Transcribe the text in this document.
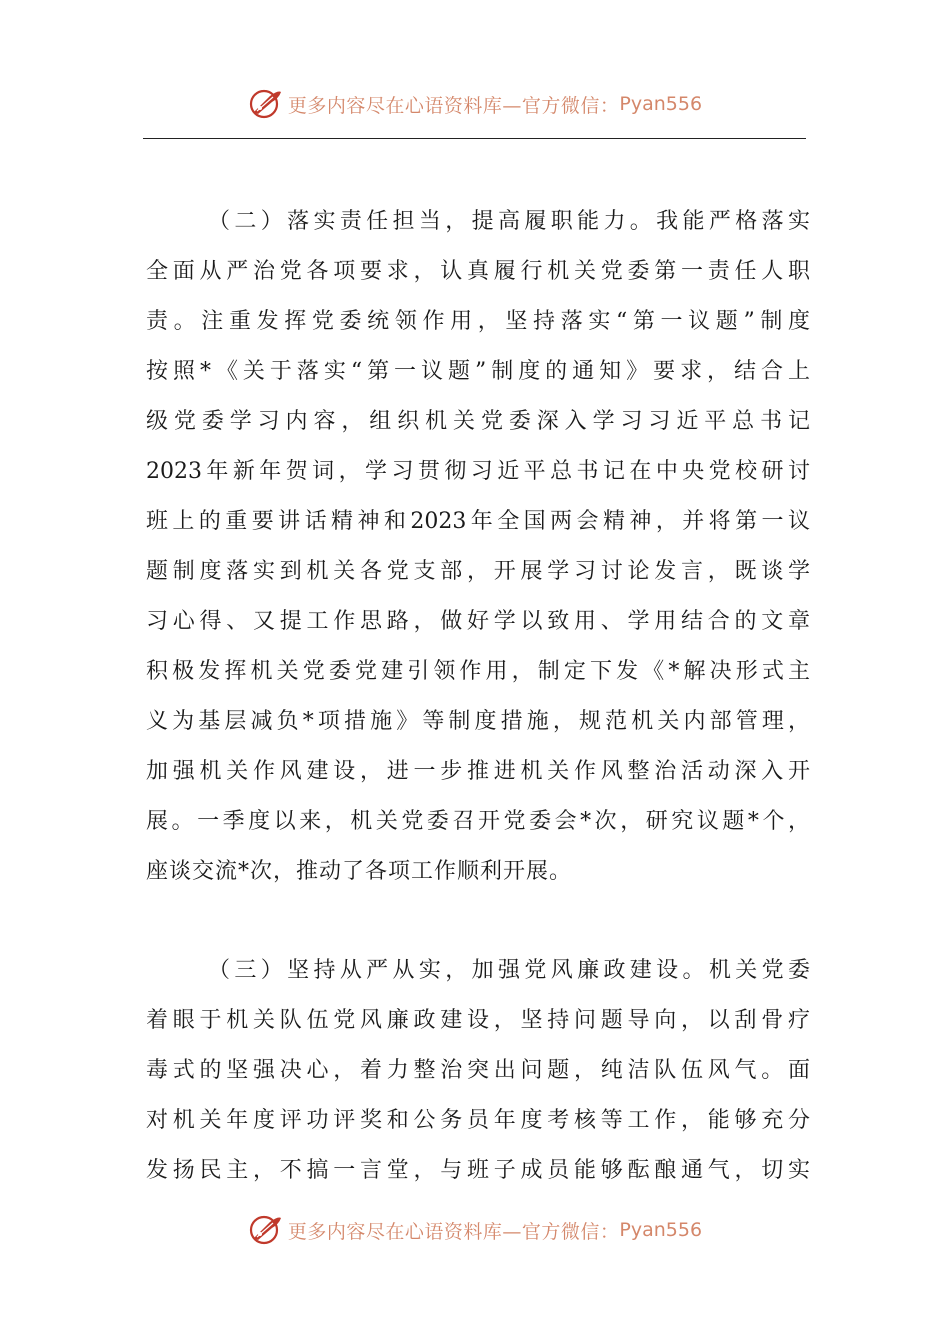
更多内容尽在心语资料库—官方微信： Pyan556
（二）落实责任担当，提高履职能力。我能严格落实
全面从严治党各项要求，认真履行机关党委第一责任人职
责。注重发挥党委统领作用，坚持落实“第一议题”制度
按照*《关于落实“第一议题”制度的通知》要求，结合上
级党委学习内容，组织机关党委深入学习习近平总书记
2023年新年贺词，学习贯彻习近平总书记在中央党校研讨
班上的重要讲话精神和2023年全国两会精神，并将第一议
题制度落实到机关各党支部，开展学习讨论发言，既谈学
习心得、又提工作思路，做好学以致用、学用结合的文章
积极发挥机关党委党建引领作用，制定下发《*解决形式主
义为基层减负*项措施》等制度措施，规范机关内部管理，
加强机关作风建设，进一步推进机关作风整治活动深入开
展。一季度以来，机关党委召开党委会*次，研究议题*个，
座谈交流*次，推动了各项工作顺利开展。
（三）坚持从严从实，加强党风廉政建设。机关党委
着眼于机关队伍党风廉政建设，坚持问题导向，以刮骨疗
毒式的坚强决心，着力整治突出问题，纯洁队伍风气。面
对机关年度评功评奖和公务员年度考核等工作，能够充分
发扬民主，不搞一言堂，与班子成员能够酝酿通气，切实
更多内容尽在心语资料库—官方微信： Pyan556
